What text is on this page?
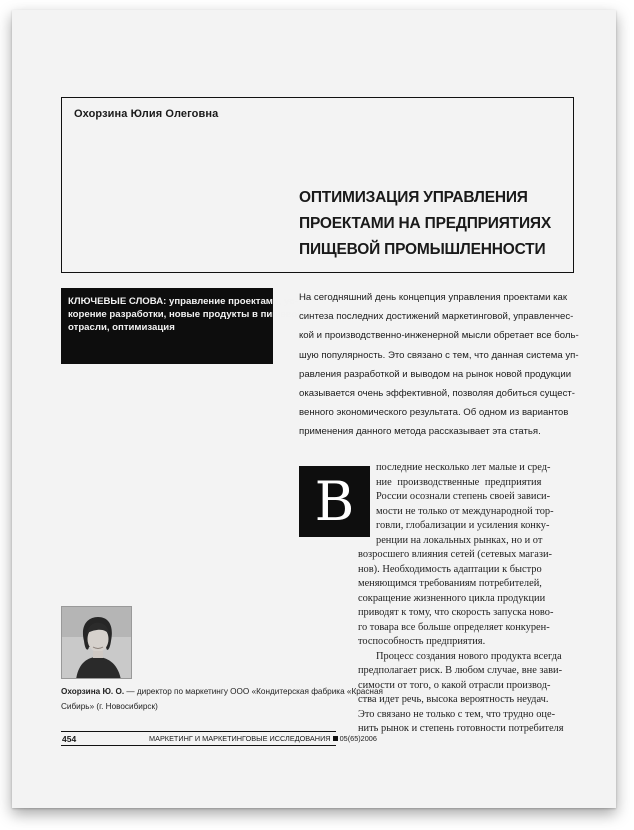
Охорзина Юлия Олеговна
ОПТИМИЗАЦИЯ УПРАВЛЕНИЯ
ПРОЕКТАМИ НА ПРЕДПРИЯТИЯХ
ПИЩЕВОЙ ПРОМЫШЛЕННОСТИ
КЛЮЧЕВЫЕ СЛОВА: управление проектами, ус-
корение разработки, новые продукты в пищевой
отрасли, оптимизация
На сегодняшний день концепция управления проектами как
синтеза последних достижений маркетинговой, управленчес-
кой и производственно-инженерной мысли обретает все боль-
шую популярность. Это связано с тем, что данная система уп-
равления разработкой и выводом на рынок новой продукции
оказывается очень эффективной, позволяя добиться сущест-
венного экономического результата. Об одном из вариантов
применения данного метода рассказывает эта статья.
В
последние несколько лет малые и сред-
ние производственные предприятия
России осознали степень своей зависи-
мости не только от международной тор-
говли, глобализации и усиления конку-
ренции на локальных рынках, но и от
возросшего влияния сетей (сетевых магази-
нов). Необходимость адаптации к быстро
меняющимся требованиям потребителей,
сокращение жизненного цикла продукции
приводят к тому, что скорость запуска ново-
го товара все больше определяет конкурен-
тоспособность предприятия.
Процесс создания нового продукта всегда
предполагает риск. В любом случае, вне зави-
симости от того, о какой отрасли производ-
ства идет речь, высока вероятность неудач.
Это связано не только с тем, что трудно оце-
нить рынок и степень готовности потребителя
Охорзина Ю. О. — директор по маркетингу ООО «Кондитерская фабрика «Красная
Сибирь» (г. Новосибирск)
454	МАРКЕТИНГ И МАРКЕТИНГОВЫЕ ИССЛЕДОВАНИЯ 05(65)2006
